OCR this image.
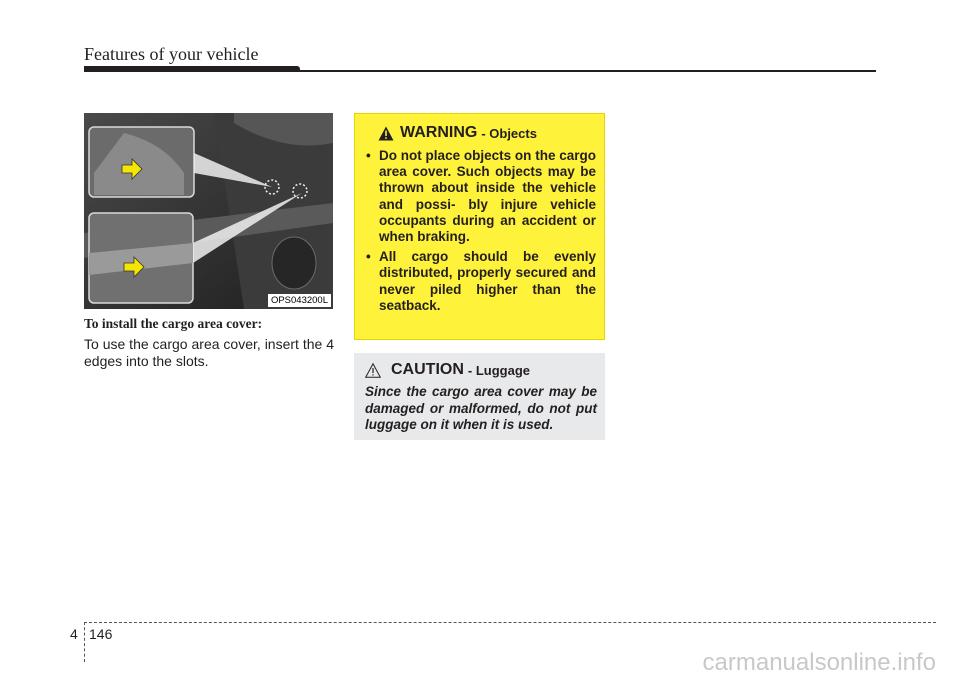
Features of your vehicle
OPS043200L
To install the cargo area cover:
To use the cargo area cover, insert the 4 edges into the slots.
WARNING - Objects
• Do not place objects on the cargo area cover. Such objects may be thrown about inside the vehicle and possi- bly injure vehicle occupants during an accident or when braking.
• All cargo should be evenly distributed, properly secured and never piled higher than the seatback.
CAUTION - Luggage
Since the cargo area cover may be damaged or malformed, do not put luggage on it when it is used.
4 146
carmanualsonline.info
